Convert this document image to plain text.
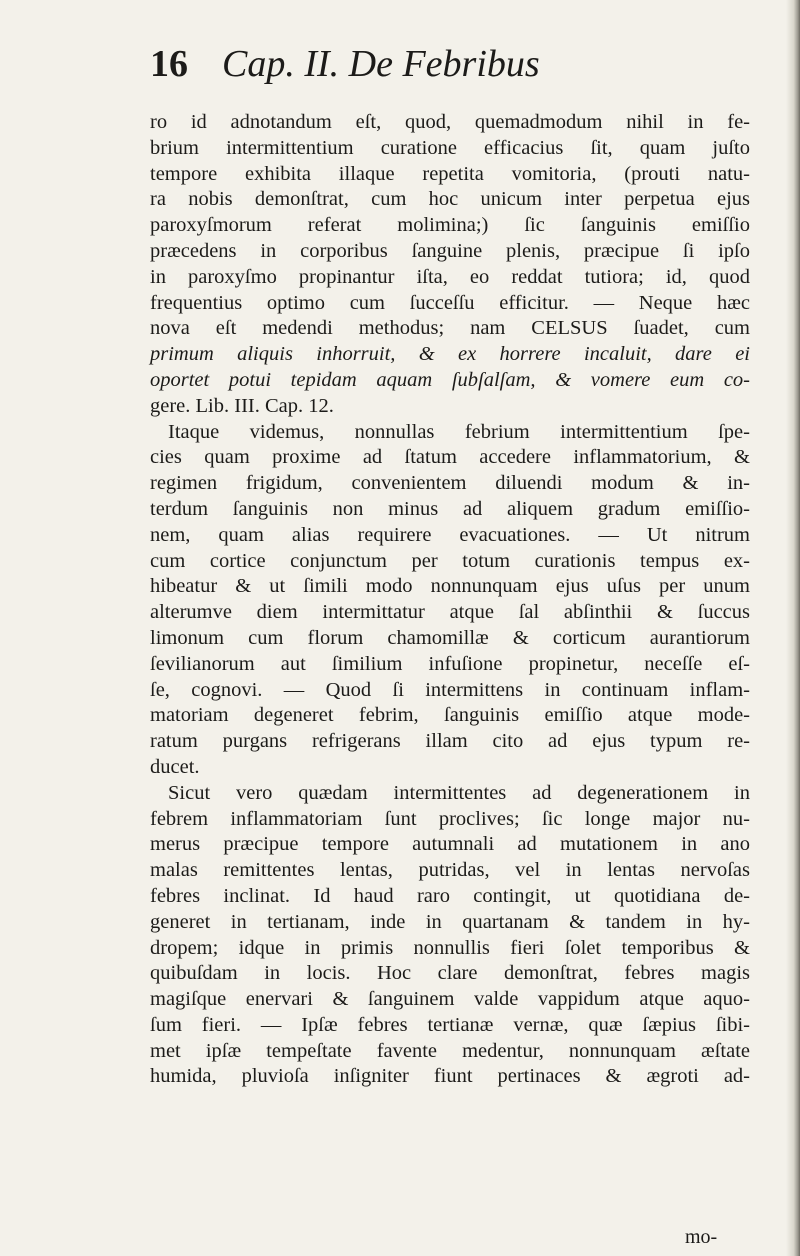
16 Cap. II. De Febribus
ro id adnotandum eſt, quod, quemadmodum nihil in fe-
brium intermittentium curatione efficacius ſit, quam juſto
tempore exhibita illaque repetita vomitoria, (prouti natu-
ra nobis demonſtrat, cum hoc unicum inter perpetua ejus
paroxyſmorum referat molimina;) ſic ſanguinis emiſſio
præcedens in corporibus ſanguine plenis, præcipue ſi ipſo
in paroxyſmo propinantur iſta, eo reddat tutiora; id, quod
frequentius optimo cum ſucceſſu efficitur. — Neque hæc
nova eſt medendi methodus; nam CELSUS ſuadet, cum
primum aliquis inhorruit, & ex horrere incaluit, dare ei
oportet potui tepidam aquam ſubſalſam, & vomere eum co-
gere. Lib. III. Cap. 12.
Itaque videmus, nonnullas febrium intermittentium ſpe-
cies quam proxime ad ſtatum accedere inflammatorium, &
regimen frigidum, convenientem diluendi modum & in-
terdum ſanguinis non minus ad aliquem gradum emiſſio-
nem, quam alias requirere evacuationes. — Ut nitrum
cum cortice conjunctum per totum curationis tempus ex-
hibeatur & ut ſimili modo nonnunquam ejus uſus per unum
alterumve diem intermittatur atque ſal abſinthii & ſuccus
limonum cum florum chamomillæ & corticum aurantiorum
ſevilianorum aut ſimilium infuſione propinetur, neceſſe eſ-
ſe, cognovi. — Quod ſi intermittens in continuam inflam-
matoriam degeneret febrim, ſanguinis emiſſio atque mode-
ratum purgans refrigerans illam cito ad ejus typum re-
ducet.
Sicut vero quædam intermittentes ad degenerationem in
febrem inflammatoriam ſunt proclives; ſic longe major nu-
merus præcipue tempore autumnali ad mutationem in ano
malas remittentes lentas, putridas, vel in lentas nervoſas
febres inclinat. Id haud raro contingit, ut quotidiana de-
generet in tertianam, inde in quartanam & tandem in hy-
dropem; idque in primis nonnullis fieri ſolet temporibus &
quibuſdam in locis. Hoc clare demonſtrat, febres magis
magiſque enervari & ſanguinem valde vappidum atque aquo-
ſum fieri. — Ipſæ febres tertianæ vernæ, quæ ſæpius ſibi-
met ipſæ tempeſtate favente medentur, nonnunquam æſtate
humida, pluvioſa inſigniter fiunt pertinaces & ægroti ad-
mo-
